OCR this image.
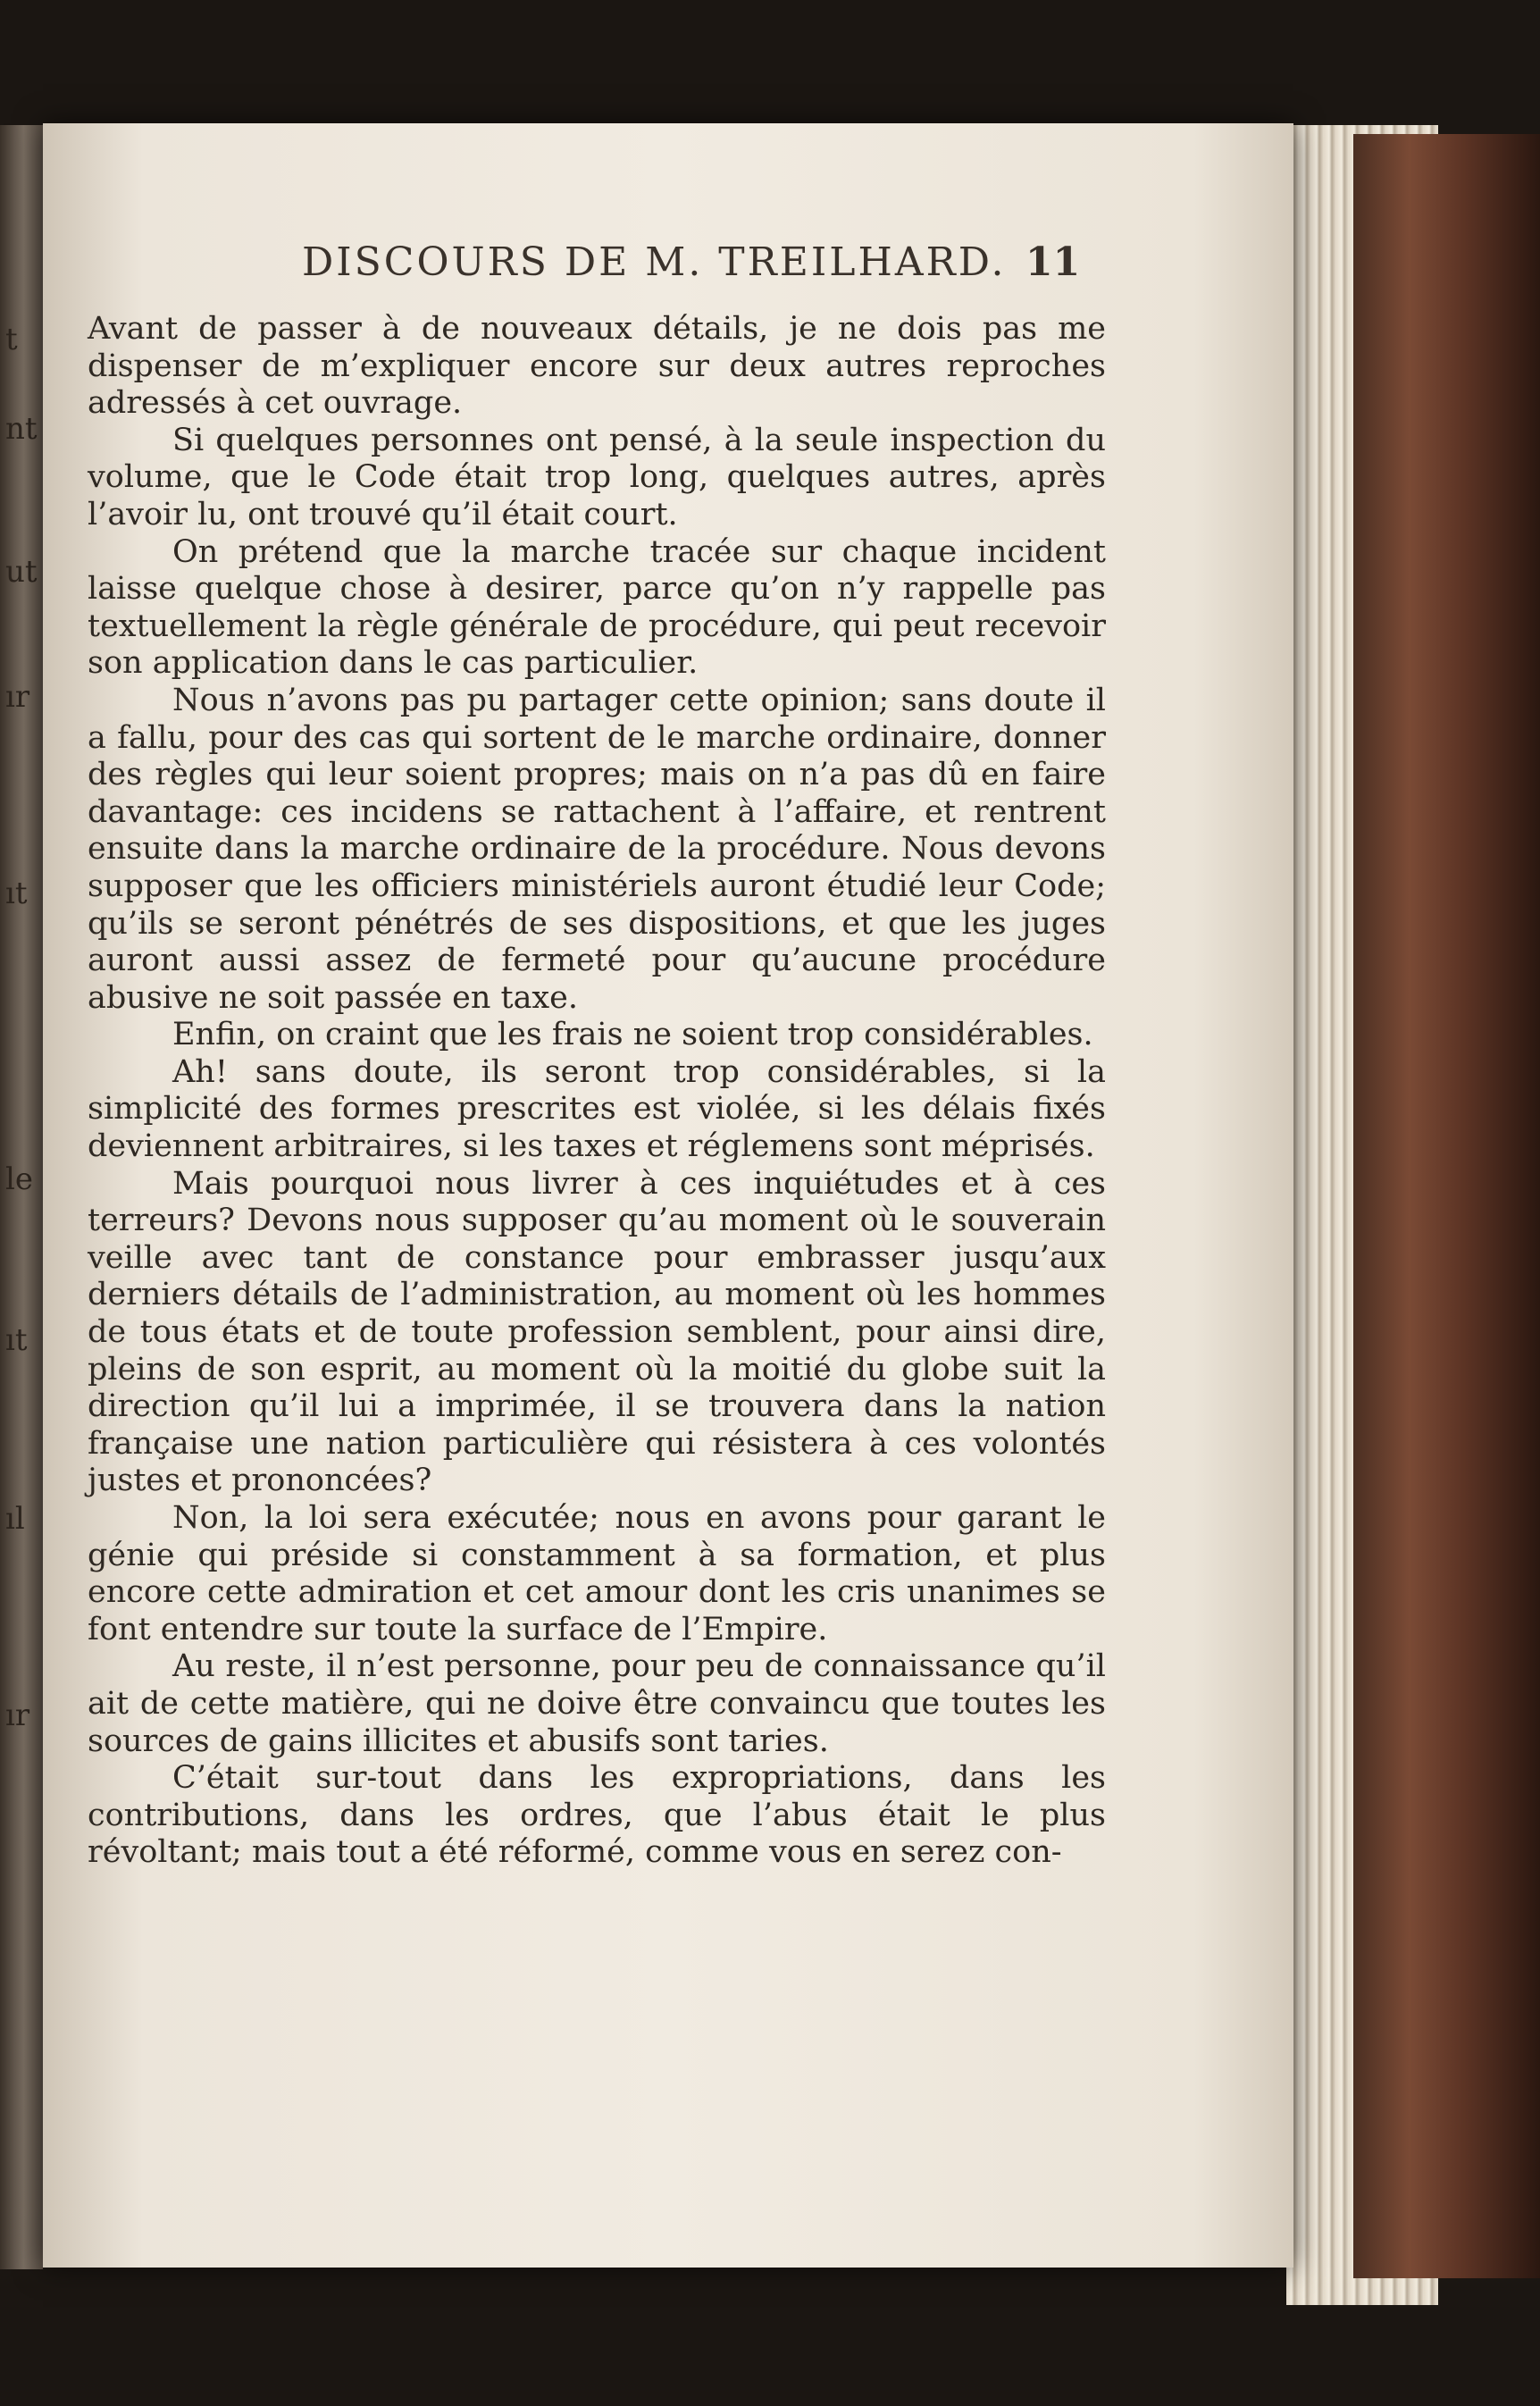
t
nt
ut
ır
ıt
le
ıt
ıl
ır
DISCOURS DE M. TREILHARD. 11

Avant de passer à de nouveaux détails, je ne dois pas me dispenser de m’expliquer encore sur deux autres reproches adressés à cet ouvrage.

Si quelques personnes ont pensé, à la seule inspection du volume, que le Code était trop long, quelques autres, après l’avoir lu, ont trouvé qu’il était court.

On prétend que la marche tracée sur chaque incident laisse quelque chose à desirer, parce qu’on n’y rappelle pas textuellement la règle générale de procédure, qui peut recevoir son application dans le cas particulier.

Nous n’avons pas pu partager cette opinion; sans doute il a fallu, pour des cas qui sortent de le marche ordinaire, donner des règles qui leur soient propres; mais on n’a pas dû en faire davantage: ces incidens se rattachent à l’affaire, et rentrent ensuite dans la marche ordinaire de la procédure. Nous devons supposer que les officiers ministériels auront étudié leur Code; qu’ils se seront pénétrés de ses dispositions, et que les juges auront aussi assez de fermeté pour qu’aucune procédure abusive ne soit passée en taxe.

Enfin, on craint que les frais ne soient trop considérables.

Ah! sans doute, ils seront trop considérables, si la simplicité des formes prescrites est violée, si les délais fixés deviennent arbitraires, si les taxes et réglemens sont méprisés.

Mais pourquoi nous livrer à ces inquiétudes et à ces terreurs? Devons nous supposer qu’au moment où le souverain veille avec tant de constance pour embrasser jusqu’aux derniers détails de l’administration, au moment où les hommes de tous états et de toute profession semblent, pour ainsi dire, pleins de son esprit, au moment où la moitié du globe suit la direction qu’il lui a imprimée, il se trouvera dans la nation française une nation particulière qui résistera à ces volontés justes et prononcées?

Non, la loi sera exécutée; nous en avons pour garant le génie qui préside si constamment à sa formation, et plus encore cette admiration et cet amour dont les cris unanimes se font entendre sur toute la surface de l’Empire.

Au reste, il n’est personne, pour peu de connaissance qu’il ait de cette matière, qui ne doive être convaincu que toutes les sources de gains illicites et abusifs sont taries.

C’était sur-tout dans les expropriations, dans les contributions, dans les ordres, que l’abus était le plus révoltant; mais tout a été réformé, comme vous en serez con-
